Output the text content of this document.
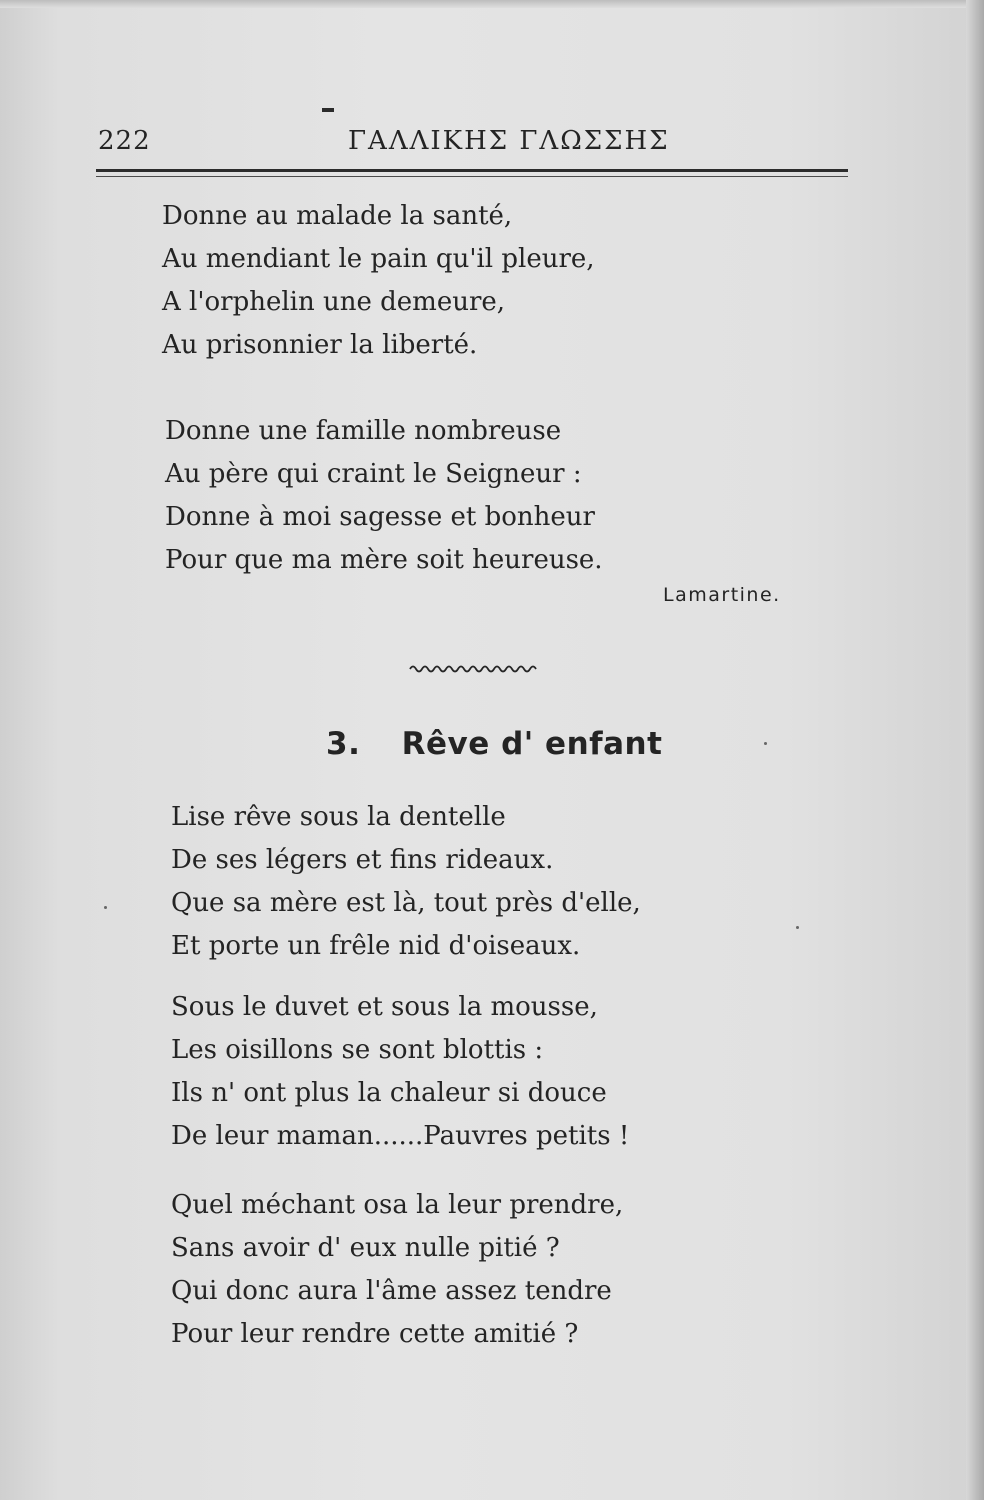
222	ΓΑΛΛΙΚΗΣ ΓΛΩΣΣΗΣ
Donne au malade la santé,
Au mendiant le pain qu'il pleure,
A l'orphelin une demeure,
Au prisonnier la liberté.
Donne une famille nombreuse
Au père qui craint le Seigneur :
Donne à moi sagesse et bonheur
Pour que ma mère soit heureuse.
Lamartine.
3. Rêve d' enfant
Lise rêve sous la dentelle
De ses légers et fins rideaux.
Que sa mère est là, tout près d'elle,
Et porte un frêle nid d'oiseaux.
Sous le duvet et sous la mousse,
Les oisillons se sont blottis :
Ils n' ont plus la chaleur si douce
De leur maman......Pauvres petits !
Quel méchant osa la leur prendre,
Sans avoir d' eux nulle pitié ?
Qui donc aura l'âme assez tendre
Pour leur rendre cette amitié ?
